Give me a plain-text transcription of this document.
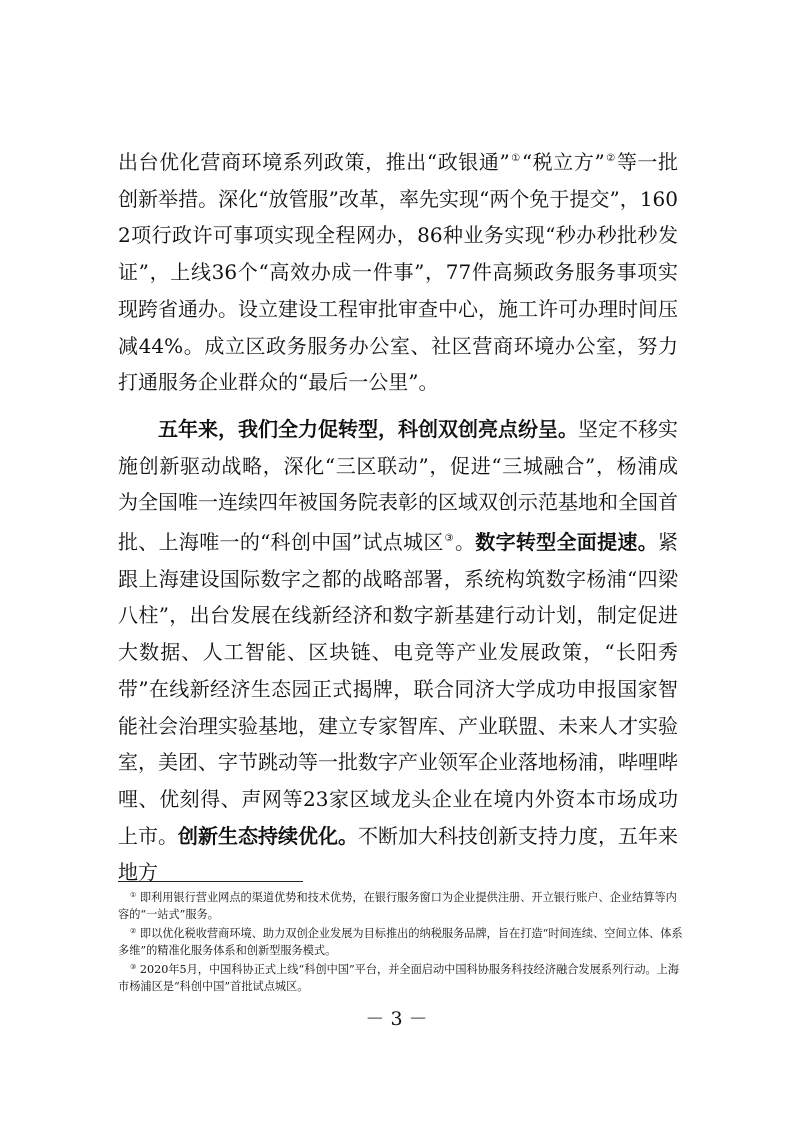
出台优化营商环境系列政策，推出“政银通”①“税立方”②等一批创新举措。深化“放管服”改革，率先实现“两个免于提交”，1602项行政许可事项实现全程网办，86种业务实现“秒办秒批秒发证”，上线36个“高效办成一件事”，77件高频政务服务事项实现跨省通办。设立建设工程审批审查中心，施工许可办理时间压减44%。成立区政务服务办公室、社区营商环境办公室，努力打通服务企业群众的“最后一公里”。

五年来，我们全力促转型，科创双创亮点纷呈。坚定不移实施创新驱动战略，深化“三区联动”，促进“三城融合”，杨浦成为全国唯一连续四年被国务院表彰的区域双创示范基地和全国首批、上海唯一的“科创中国”试点城区③。数字转型全面提速。紧跟上海建设国际数字之都的战略部署，系统构筑数字杨浦“四梁八柱”，出台发展在线新经济和数字新基建行动计划，制定促进大数据、人工智能、区块链、电竞等产业发展政策，“长阳秀带”在线新经济生态园正式揭牌，联合同济大学成功申报国家智能社会治理实验基地，建立专家智库、产业联盟、未来人才实验室，美团、字节跳动等一批数字产业领军企业落地杨浦，哔哩哔哩、优刻得、声网等23家区域龙头企业在境内外资本市场成功上市。创新生态持续优化。不断加大科技创新支持力度，五年来地方

① 即利用银行营业网点的渠道优势和技术优势，在银行服务窗口为企业提供注册、开立银行账户、企业结算等内容的“一站式”服务。

② 即以优化税收营商环境、助力双创企业发展为目标推出的纳税服务品牌，旨在打造“时间连续、空间立体、体系多维”的精准化服务体系和创新型服务模式。

③ 2020年5月，中国科协正式上线“科创中国”平台，并全面启动中国科协服务科技经济融合发展系列行动。上海市杨浦区是“科创中国”首批试点城区。

－ 3 －
